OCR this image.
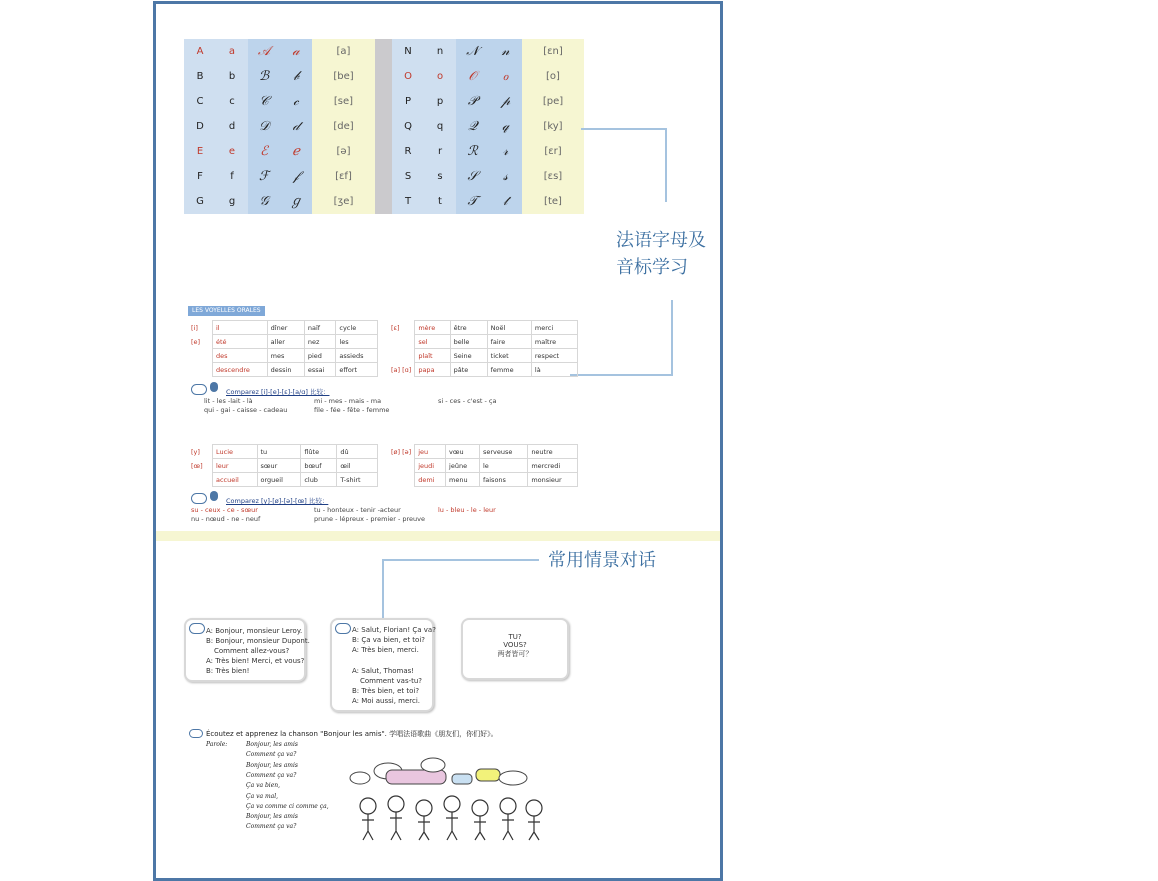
A	a	𝒜	𝒶	[a]
B	b	ℬ	𝒷	[be]
C	c	𝒞	𝒸	[se]
D	d	𝒟	𝒹	[de]
E	e	ℰ	ℯ	[ə]
F	f	ℱ	𝒻	[ɛf]
G	g	𝒢	ℊ	[ʒe]
N	n	𝒩	𝓃	[ɛn]
O	o	𝒪	ℴ	[o]
P	p	𝒫	𝓅	[pe]
Q	q	𝒬	𝓆	[ky]
R	r	ℛ	𝓇	[ɛr]
S	s	𝒮	𝓈	[ɛs]
T	t	𝒯	𝓉	[te]
法语字母及
音标学习
LES VOYELLES ORALES
[i]	il	dîner	naïf	cycle
[e]	été	aller	nez	les
	des	mes	pied	assieds
	descendre	dessin	essai	effort
[ɛ]	mère	être	Noël	merci
	sel	belle	faire	maître
	plaît	Seine	ticket	respect
[a] [ɑ]	papa	pâte	femme	là
Comparez [i]-[e]-[ɛ]-[a/ɑ] 比较：
lit - les -lait - là
qui - gai - caisse - cadeau
mi - mes - mais - ma
file - fée - fête - femme
si - ces - c'est - ça
[y]	Lucie	tu	flûte	dû
[œ]	leur	sœur	bœuf	œil
	accueil	orgueil	club	T-shirt
[ø] [ə]	jeu	vœu	serveuse	neutre
	jeudi	jeûne	le	mercredi
	demi	menu	faisons	monsieur
Comparez [y]-[ø]-[ə]-[œ] 比较：
su - ceux - ce - sœur
nu - nœud - ne - neuf
tu - honteux - tenir -acteur
prune - lépreux - premier - preuve
lu - bleu - le - leur
常用情景对话
A: Bonjour, monsieur Leroy.
B: Bonjour, monsieur Dupont.
Comment allez-vous?
A: Très bien! Merci, et vous?
B: Très bien!
A: Salut, Florian! Ça va?
B: Ça va bien, et toi?
A: Très bien, merci.
A: Salut, Thomas!
Comment vas-tu?
B: Très bien, et toi?
A: Moi aussi, merci.
TU?
VOUS?
两者皆可？
Écoutez et apprenez la chanson "Bonjour les amis". 学唱法语歌曲《朋友们，你们好》。
Parole:	Bonjour, les amis
Comment ça va?
Bonjour, les amis
Comment ça va?
Ça va bien,
Ça va mal,
Ça va comme ci comme ça,
Bonjour, les amis
Comment ça va?
